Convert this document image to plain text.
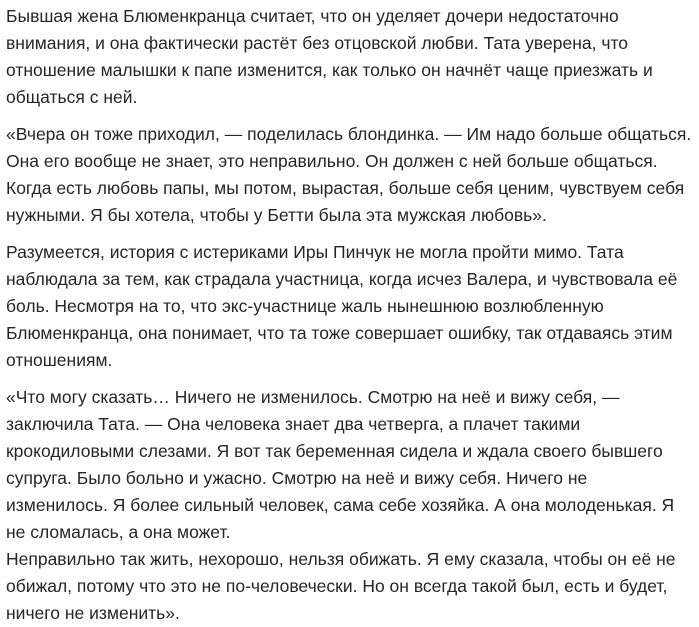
Бывшая жена Блюменкранца считает, что он уделяет дочери недостаточно
внимания, и она фактически растёт без отцовской любви. Тата уверена, что
отношение малышки к папе изменится, как только он начнёт чаще приезжать и
общаться с ней.
«Вчера он тоже приходил, — поделилась блондинка. — Им надо больше общаться.
Она его вообще не знает, это неправильно. Он должен с ней больше общаться.
Когда есть любовь папы, мы потом, вырастая, больше себя ценим, чувствуем себя
нужными. Я бы хотела, чтобы у Бетти была эта мужская любовь».
Разумеется, история с истериками Иры Пинчук не могла пройти мимо. Тата
наблюдала за тем, как страдала участница, когда исчез Валера, и чувствовала её
боль. Несмотря на то, что экс-участнице жаль нынешнюю возлюбленную
Блюменкранца, она понимает, что та тоже совершает ошибку, так отдаваясь этим
отношениям.
«Что могу сказать… Ничего не изменилось. Смотрю на неё и вижу себя, —
заключила Тата. — Она человека знает два четверга, а плачет такими
крокодиловыми слезами. Я вот так беременная сидела и ждала своего бывшего
супруга. Было больно и ужасно. Смотрю на неё и вижу себя. Ничего не
изменилось. Я более сильный человек, сама себе хозяйка. А она молоденькая. Я
не сломалась, а она может.
Неправильно так жить, нехорошо, нельзя обижать. Я ему сказала, чтобы он её не
обижал, потому что это не по-человечески. Но он всегда такой был, есть и будет,
ничего не изменить».
